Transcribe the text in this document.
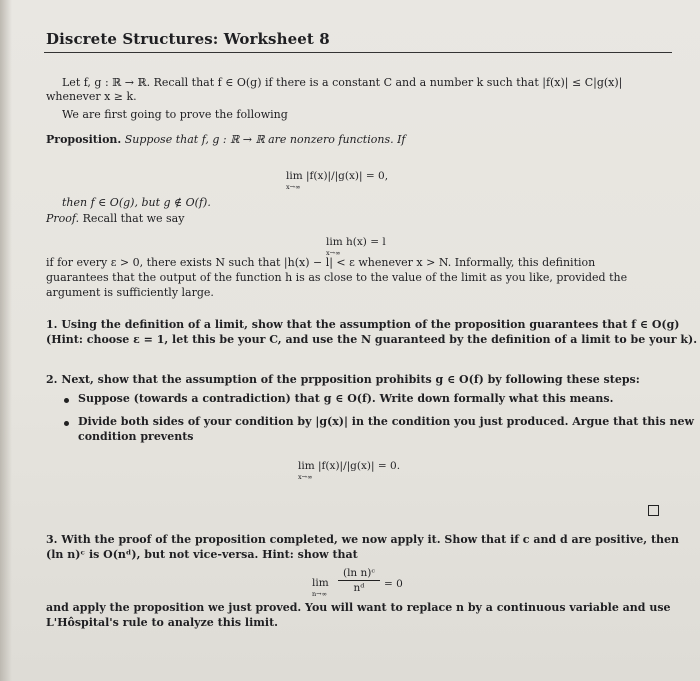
Discrete Structures: Worksheet 8
Let f, g : ℝ → ℝ. Recall that f ∈ O(g) if there is a constant C and a number k such that |f(x)| ≤ C|g(x)|
whenever x ≥ k.
We are first going to prove the following
Proposition. Suppose that f, g : ℝ → ℝ are nonzero functions. If
lim |f(x)|/|g(x)| = 0,
x→∞
then f ∈ O(g), but g ∉ O(f).
Proof. Recall that we say
lim h(x) = l
x→∞
if for every ε > 0, there exists N such that |h(x) − l| < ε whenever x > N. Informally, this definition
guarantees that the output of the function h is as close to the value of the limit as you like, provided the
argument is sufficiently large.
1. Using the definition of a limit, show that the assumption of the proposition guarantees that f ∈ O(g)
(Hint: choose ε = 1, let this be your C, and use the N guaranteed by the definition of a limit to be your k).
2. Next, show that the assumption of the prpposition prohibits g ∈ O(f) by following these steps:
Suppose (towards a contradiction) that g ∈ O(f). Write down formally what this means.
Divide both sides of your condition by |g(x)| in the condition you just produced. Argue that this new
condition prevents
lim |f(x)|/|g(x)| = 0.
x→∞
3. With the proof of the proposition completed, we now apply it. Show that if c and d are positive, then
(ln n)ᶜ is O(nᵈ), but not vice-versa. Hint: show that
lim
n→∞
(ln n)ᶜ
nᵈ	= 0
and apply the proposition we just proved. You will want to replace n by a continuous variable and use
L'Hôspital's rule to analyze this limit.
